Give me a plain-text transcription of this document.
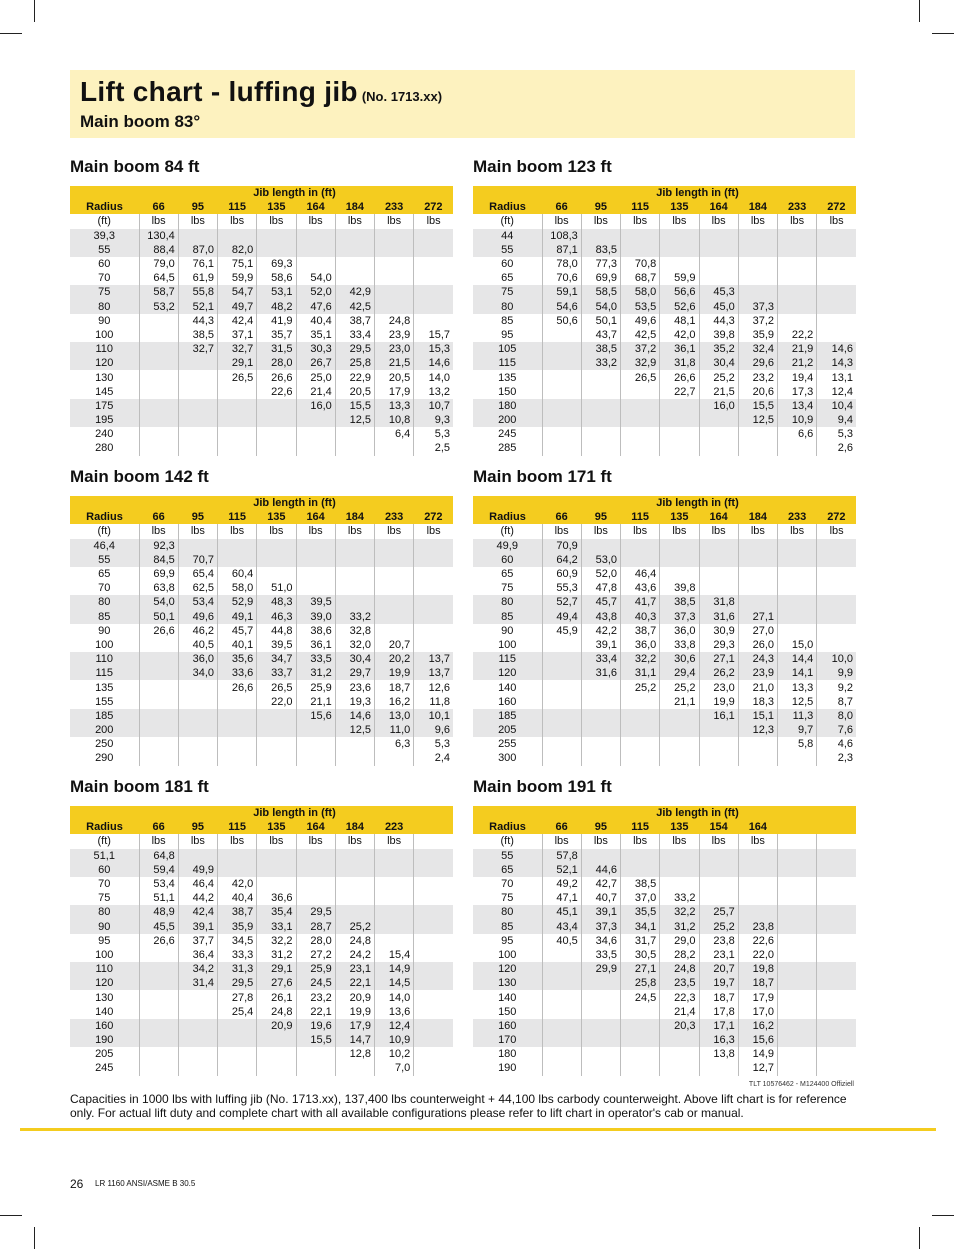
Lift chart - luffing jib (No. 1713.xx)
Main boom 83°
Main boom 84 ft	Main boom 123 ft
Main boom 142 ft	Main boom 171 ft
Main boom 181 ft	Main boom 191 ft
	Jib length in (ft)							
Radius	66	95	115	135	164	184	233	272
(ft)	lbs	lbs	lbs	lbs	lbs	lbs	lbs	lbs
39,3	130,4							
55	88,4	87,0	82,0					
60	79,0	76,1	75,1	69,3				
70	64,5	61,9	59,9	58,6	54,0			
75	58,7	55,8	54,7	53,1	52,0	42,9		
80	53,2	52,1	49,7	48,2	47,6	42,5		
90		44,3	42,4	41,9	40,4	38,7	24,8	
100		38,5	37,1	35,7	35,1	33,4	23,9	15,7
110		32,7	32,7	31,5	30,3	29,5	23,0	15,3
120			29,1	28,0	26,7	25,8	21,5	14,6
130			26,5	26,6	25,0	22,9	20,5	14,0
145				22,6	21,4	20,5	17,9	13,2
175					16,0	15,5	13,3	10,7
195						12,5	10,8	9,3
240							6,4	5,3
280								2,5
	Jib length in (ft)							
Radius	66	95	115	135	164	184	233	272
(ft)	lbs	lbs	lbs	lbs	lbs	lbs	lbs	lbs
44	108,3							
55	87,1	83,5						
60	78,0	77,3	70,8					
65	70,6	69,9	68,7	59,9				
75	59,1	58,5	58,0	56,6	45,3			
80	54,6	54,0	53,5	52,6	45,0	37,3		
85	50,6	50,1	49,6	48,1	44,3	37,2		
95		43,7	42,5	42,0	39,8	35,9	22,2	
105		38,5	37,2	36,1	35,2	32,4	21,9	14,6
115		33,2	32,9	31,8	30,4	29,6	21,2	14,3
135			26,5	26,6	25,2	23,2	19,4	13,1
150				22,7	21,5	20,6	17,3	12,4
180					16,0	15,5	13,4	10,4
200						12,5	10,9	9,4
245							6,6	5,3
285								2,6
	Jib length in (ft)							
Radius	66	95	115	135	164	184	233	272
(ft)	lbs	lbs	lbs	lbs	lbs	lbs	lbs	lbs
46,4	92,3							
55	84,5	70,7						
65	69,9	65,4	60,4					
70	63,8	62,5	58,0	51,0				
80	54,0	53,4	52,9	48,3	39,5			
85	50,1	49,6	49,1	46,3	39,0	33,2		
90	26,6	46,2	45,7	44,8	38,6	32,8		
100		40,5	40,1	39,5	36,1	32,0	20,7	
110		36,0	35,6	34,7	33,5	30,4	20,2	13,7
115		34,0	33,6	33,7	31,2	29,7	19,9	13,7
135			26,6	26,5	25,9	23,6	18,7	12,6
155				22,0	21,1	19,3	16,2	11,8
185					15,6	14,6	13,0	10,1
200						12,5	11,0	9,6
250							6,3	5,3
290								2,4
	Jib length in (ft)							
Radius	66	95	115	135	164	184	233	272
(ft)	lbs	lbs	lbs	lbs	lbs	lbs	lbs	lbs
49,9	70,9							
60	64,2	53,0						
65	60,9	52,0	46,4					
75	55,3	47,8	43,6	39,8				
80	52,7	45,7	41,7	38,5	31,8			
85	49,4	43,8	40,3	37,3	31,6	27,1		
90	45,9	42,2	38,7	36,0	30,9	27,0		
100		39,1	36,0	33,8	29,3	26,0	15,0	
115		33,4	32,2	30,6	27,1	24,3	14,4	10,0
120		31,6	31,1	29,4	26,2	23,9	14,1	9,9
140			25,2	25,2	23,0	21,0	13,3	9,2
160				21,1	19,9	18,3	12,5	8,7
185					16,1	15,1	11,3	8,0
205						12,3	9,7	7,6
255							5,8	4,6
300								2,3
	Jib length in (ft)							
Radius	66	95	115	135	164	184	223	
(ft)	lbs	lbs	lbs	lbs	lbs	lbs	lbs	
51,1	64,8							
60	59,4	49,9						
70	53,4	46,4	42,0					
75	51,1	44,2	40,4	36,6				
80	48,9	42,4	38,7	35,4	29,5			
90	45,5	39,1	35,9	33,1	28,7	25,2		
95	26,6	37,7	34,5	32,2	28,0	24,8		
100		36,4	33,3	31,2	27,2	24,2	15,4	
110		34,2	31,3	29,1	25,9	23,1	14,9	
120		31,4	29,5	27,6	24,5	22,1	14,5	
130			27,8	26,1	23,2	20,9	14,0	
140			25,4	24,8	22,1	19,9	13,6	
160				20,9	19,6	17,9	12,4	
190					15,5	14,7	10,9	
205						12,8	10,2	
245							7,0	
	Jib length in (ft)							
Radius	66	95	115	135	154	164		
(ft)	lbs	lbs	lbs	lbs	lbs	lbs		
55	57,8							
65	52,1	44,6						
70	49,2	42,7	38,5					
75	47,1	40,7	37,0	33,2				
80	45,1	39,1	35,5	32,2	25,7			
85	43,4	37,3	34,1	31,2	25,2	23,8		
95	40,5	34,6	31,7	29,0	23,8	22,6		
100		33,5	30,5	28,2	23,1	22,0		
120		29,9	27,1	24,8	20,7	19,8		
130			25,8	23,5	19,7	18,7		
140			24,5	22,3	18,7	17,9		
150				21,4	17,8	17,0		
160				20,3	17,1	16,2		
170					16,3	15,6		
180					13,8	14,9		
190						12,7		
TLT 10576462 - M124400 Offiziell
Capacities in 1000 lbs with luffing jib (No. 1713.xx), 137,400 lbs counterweight + 44,100 lbs carbody counterweight. Above lift chart is for reference only. For actual lift duty and complete chart with all available configurations please refer to lift chart in operator's cab or manual.
26 LR 1160 ANSI/ASME B 30.5
